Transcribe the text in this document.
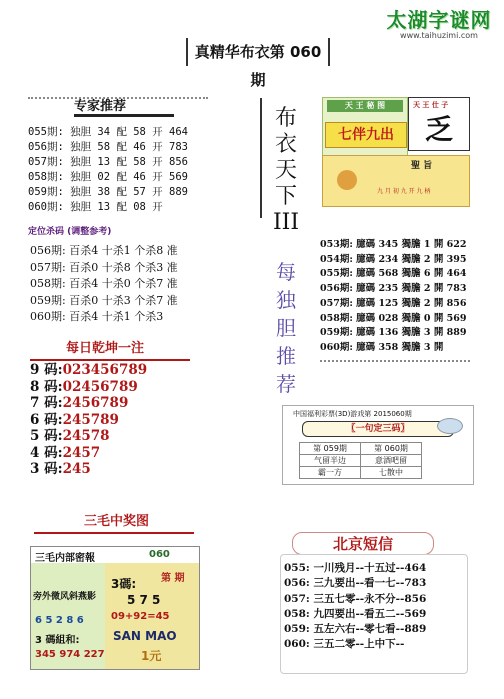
太湖字谜网
www.taihuzimi.com
真精华布衣第 060期
专家推荐
055期: 独胆 34 配 58 开 464
056期: 独胆 58 配 46 开 783
057期: 独胆 13 配 58 开 856
058期: 独胆 02 配 46 开 569
059期: 独胆 38 配 57 开 889
060期: 独胆 13 配 08 开
定位杀码 (调整参考)
056期: 百杀4 十杀1 个杀8 准
057期: 百杀0 十杀8 个杀3 准
058期: 百杀4 十杀0 个杀7 准
059期: 百杀0 十杀3 个杀7 准
060期: 百杀4 十杀1 个杀3
每日乾坤一注
9 码:023456789
8 码:02456789
7 码:2456789
6 码:245789
5 码:24578
4 码:2457
3 码:245
布
衣
天
下
III
每
独
胆
推
荐
天 王 秘 图
七伴九出
天 王 仕 子
乏
聖 旨
九 月 初 九 开 九 柄
053期: 臆碼 345 獨膽 1 開 622
054期: 臆碼 234 獨膽 2 開 395
055期: 臆碼 568 獨膽 6 開 464
056期: 臆碼 235 獨膽 2 開 783
057期: 臆碼 125 獨膽 2 開 856
058期: 臆碼 028 獨膽 0 開 569
059期: 臆碼 136 獨膽 3 開 889
060期: 臆碼 358 獨膽 3 開
中国福利彩票(3D)游戏第 2015060期
〖一句定三码〗
第 059期	第 060期
气留半边	意酒吧留
霸一方	七散中
三毛中奖图
三毛内部密報	060
第 期
旁外微风斜燕影
6 5 2 8 6
3 碼組和:
345 974 227
3碼:
5 7 5
09+92=45
SAN MAO
1元
北京短信
055: 一川残月--十五过--464
056: 三九要出--看一七--783
057: 三五七零--永不分--856
058: 九四要出--看五二--569
059: 五左六右--零七看--889
060: 三五二零--上中下--
